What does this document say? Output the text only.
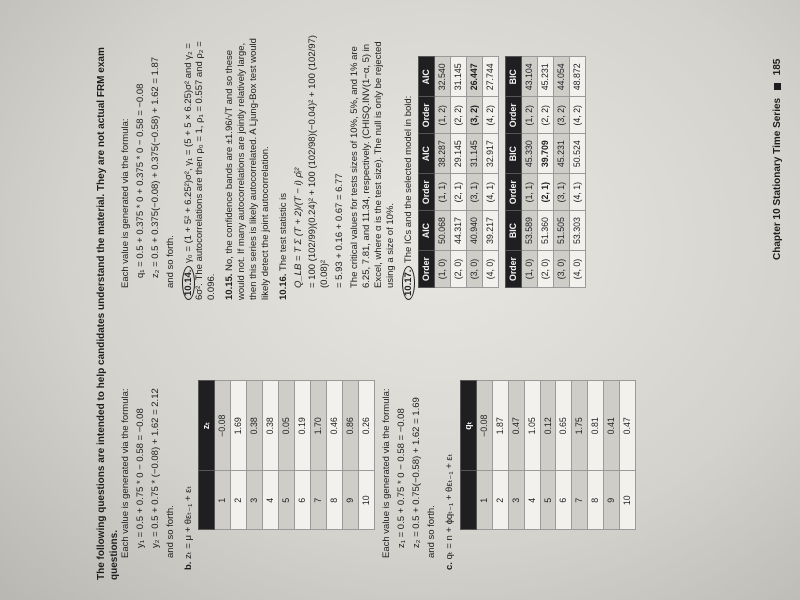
The following questions are intended to help candidates understand the material. They are not actual FRM exam questions. Each value is generated via the formula: y₁ = 0.5 + 0.75 * 0 − 0.58 = −0.08 y₂ = 0.5 + 0.75 * (−0.08) + 1.62 = 2.12 and so forth.
b. zₜ = μ + θεₜ₋₁ + εₜ
	zₜ
1	−0.08
2	1.69
3	0.38
4	0.38
5	0.05
6	0.19
7	1.70
8	0.46
9	0.86
10	0.26 Each value is generated via the formula: z₁ = 0.5 + 0.75 * 0 − 0.58 = −0.08 z₂ = 0.5 + 0.75(−0.58) + 1.62 = 1.69 and so forth.
c. qₜ = n + ϕqₜ₋₁ + θεₜ₋₁ + εₜ
	qₜ
1	−0.08
2	1.87
3	0.47
4	1.05
5	0.12
6	0.65
7	1.75
8	0.81
9	0.41
10	0.47
Each value is generated via the formula: q₁ = 0.5 + 0.375 * 0 + 0.375 * 0 − 0.58 = −0.08 z₂ = 0.5 + 0.375(−0.08) + 0.375(−0.58) + 1.62 = 1.87 and so forth. 10.14. γ₀ = (1 + 5² + 6.25²)σ², γ₁ = (5 + 5 × 6.25)σ² and γ₂ = 6σ². The autocorrelations are then ρ₀ = 1, ρ₁ = 0.557 and ρ₂ = 0.096. 10.15. No, the confidence bands are ±1.96/√T and so these would not. If many autocorrelations are jointly relatively large, then this series is likely autocorrelated. A Ljung-Box test would likely detect the joint autocorrelation. 10.16. The test statistic is Q_LB = T Σ (T + 2)/(T − i) ρ̂ᵢ² = 100 (102/99)(0.24)² + 100 (102/98)(−0.04)² + 100 (102/97)(0.08)² = 5.93 + 0.16 + 0.67 = 6.77 The critical values for tests sizes of 10%, 5%, and 1% are 6.25, 7.81, and 11.34, respectively. (CHISQ.INV(1−α, 5) in Excel, where α is the test size). The null is only be rejected using a size of 10%. 10.17. The ICs and the selected model in bold:
Order	AIC	Order	AIC	Order	AIC
(1, 0)	50.068	(1, 1)	38.287	(1, 2)	32.540
(2, 0)	44.317	(2, 1)	29.145	(2, 2)	31.145
(3, 0)	40.940	(3, 1)	31.145	(3, 2)	26.447
(4, 0)	39.217	(4, 1)	32.917	(4, 2)	27.744
Order	BIC	Order	BIC	Order	BIC
(1, 0)	53.589	(1, 1)	45.330	(1, 2)	43.104
(2, 0)	51.360	(2, 1)	39.709	(2, 2)	45.231
(3, 0)	51.505	(3, 1)	45.231	(3, 2)	44.054
(4, 0)	53.303	(4, 1)	50.524	(4, 2)	48.872
Chapter 10 Stationary Time Series  185
